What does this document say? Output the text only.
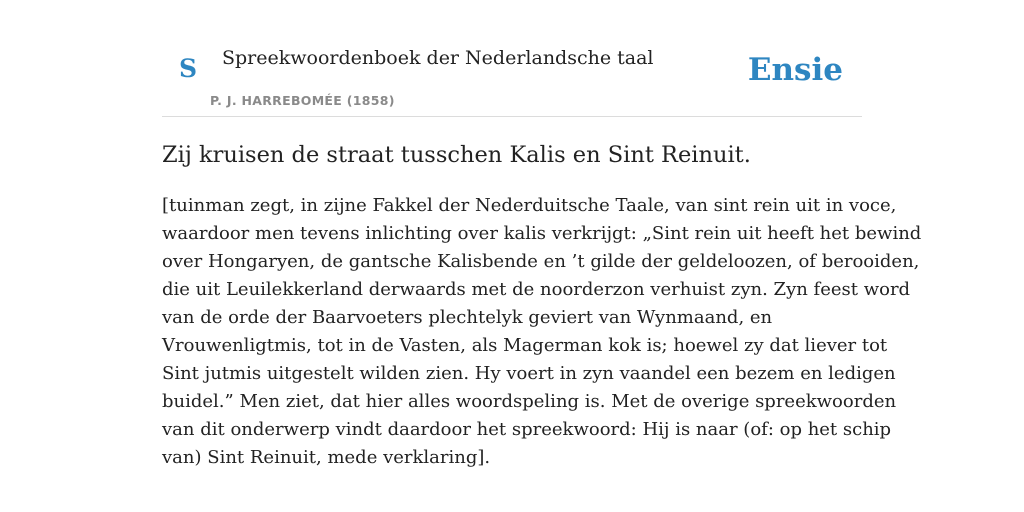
S Spreekwoordenboek der Nederlandsche taal
P. J. HARREBOMÉE (1858)
Ensie
Zij kruisen de straat tusschen Kalis en Sint Reinuit.

[tuinman zegt, in zijne Fakkel der Nederduitsche Taale, van sint rein uit in voce,
waardoor men tevens inlichting over kalis verkrijgt: „Sint rein uit heeft het bewind
over Hongaryen, de gantsche Kalisbende en ’t gilde der geldeloozen, of berooiden,
die uit Leuilekkerland derwaards met de noorderzon verhuist zyn. Zyn feest word
van de orde der Baarvoeters plechtelyk geviert van Wynmaand, en
Vrouwenligtmis, tot in de Vasten, als Magerman kok is; hoewel zy dat liever tot
Sint jutmis uitgestelt wilden zien. Hy voert in zyn vaandel een bezem en ledigen
buidel.” Men ziet, dat hier alles woordspeling is. Met de overige spreekwoorden
van dit onderwerp vindt daardoor het spreekwoord: Hij is naar (of: op het schip
van) Sint Reinuit, mede verklaring].
